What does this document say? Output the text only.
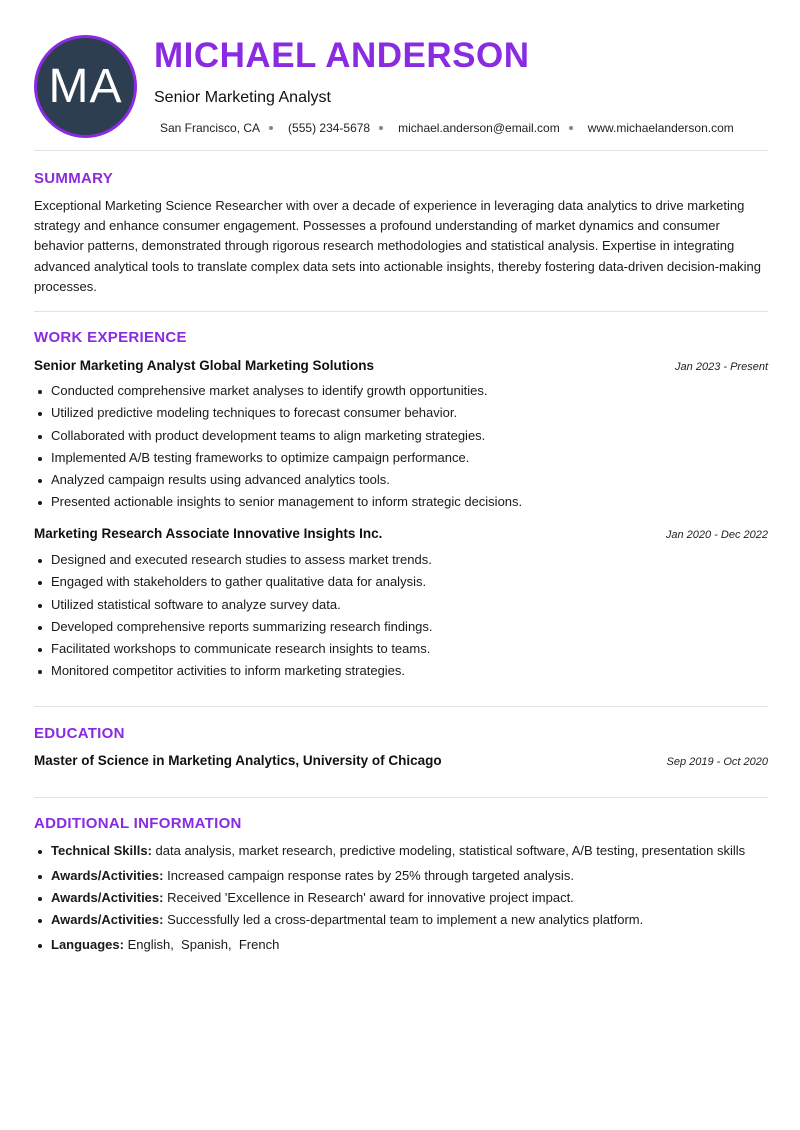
MA
MICHAEL ANDERSON
Senior Marketing Analyst
San Francisco, CA (555) 234-5678 michael.anderson@email.com www.michaelanderson.com
SUMMARY
Exceptional Marketing Science Researcher with over a decade of experience in leveraging data analytics to drive marketing strategy and enhance consumer engagement. Possesses a profound understanding of market dynamics and consumer behavior patterns, demonstrated through rigorous research methodologies and statistical analysis. Expertise in integrating advanced analytical tools to translate complex data sets into actionable insights, thereby fostering data-driven decision-making processes.
WORK EXPERIENCE
Senior Marketing Analyst Global Marketing Solutions	Jan 2023 - Present
Conducted comprehensive market analyses to identify growth opportunities.
Utilized predictive modeling techniques to forecast consumer behavior.
Collaborated with product development teams to align marketing strategies.
Implemented A/B testing frameworks to optimize campaign performance.
Analyzed campaign results using advanced analytics tools.
Presented actionable insights to senior management to inform strategic decisions.
Marketing Research Associate Innovative Insights Inc.	Jan 2020 - Dec 2022
Designed and executed research studies to assess market trends.
Engaged with stakeholders to gather qualitative data for analysis.
Utilized statistical software to analyze survey data.
Developed comprehensive reports summarizing research findings.
Facilitated workshops to communicate research insights to teams.
Monitored competitor activities to inform marketing strategies.
EDUCATION
Master of Science in Marketing Analytics, University of Chicago	Sep 2019 - Oct 2020
ADDITIONAL INFORMATION
Technical Skills: data analysis, market research, predictive modeling, statistical software, A/B testing, presentation skills
Awards/Activities: Increased campaign response rates by 25% through targeted analysis.
Awards/Activities: Received 'Excellence in Research' award for innovative project impact.
Awards/Activities: Successfully led a cross-departmental team to implement a new analytics platform.
Languages: English,  Spanish,  French
